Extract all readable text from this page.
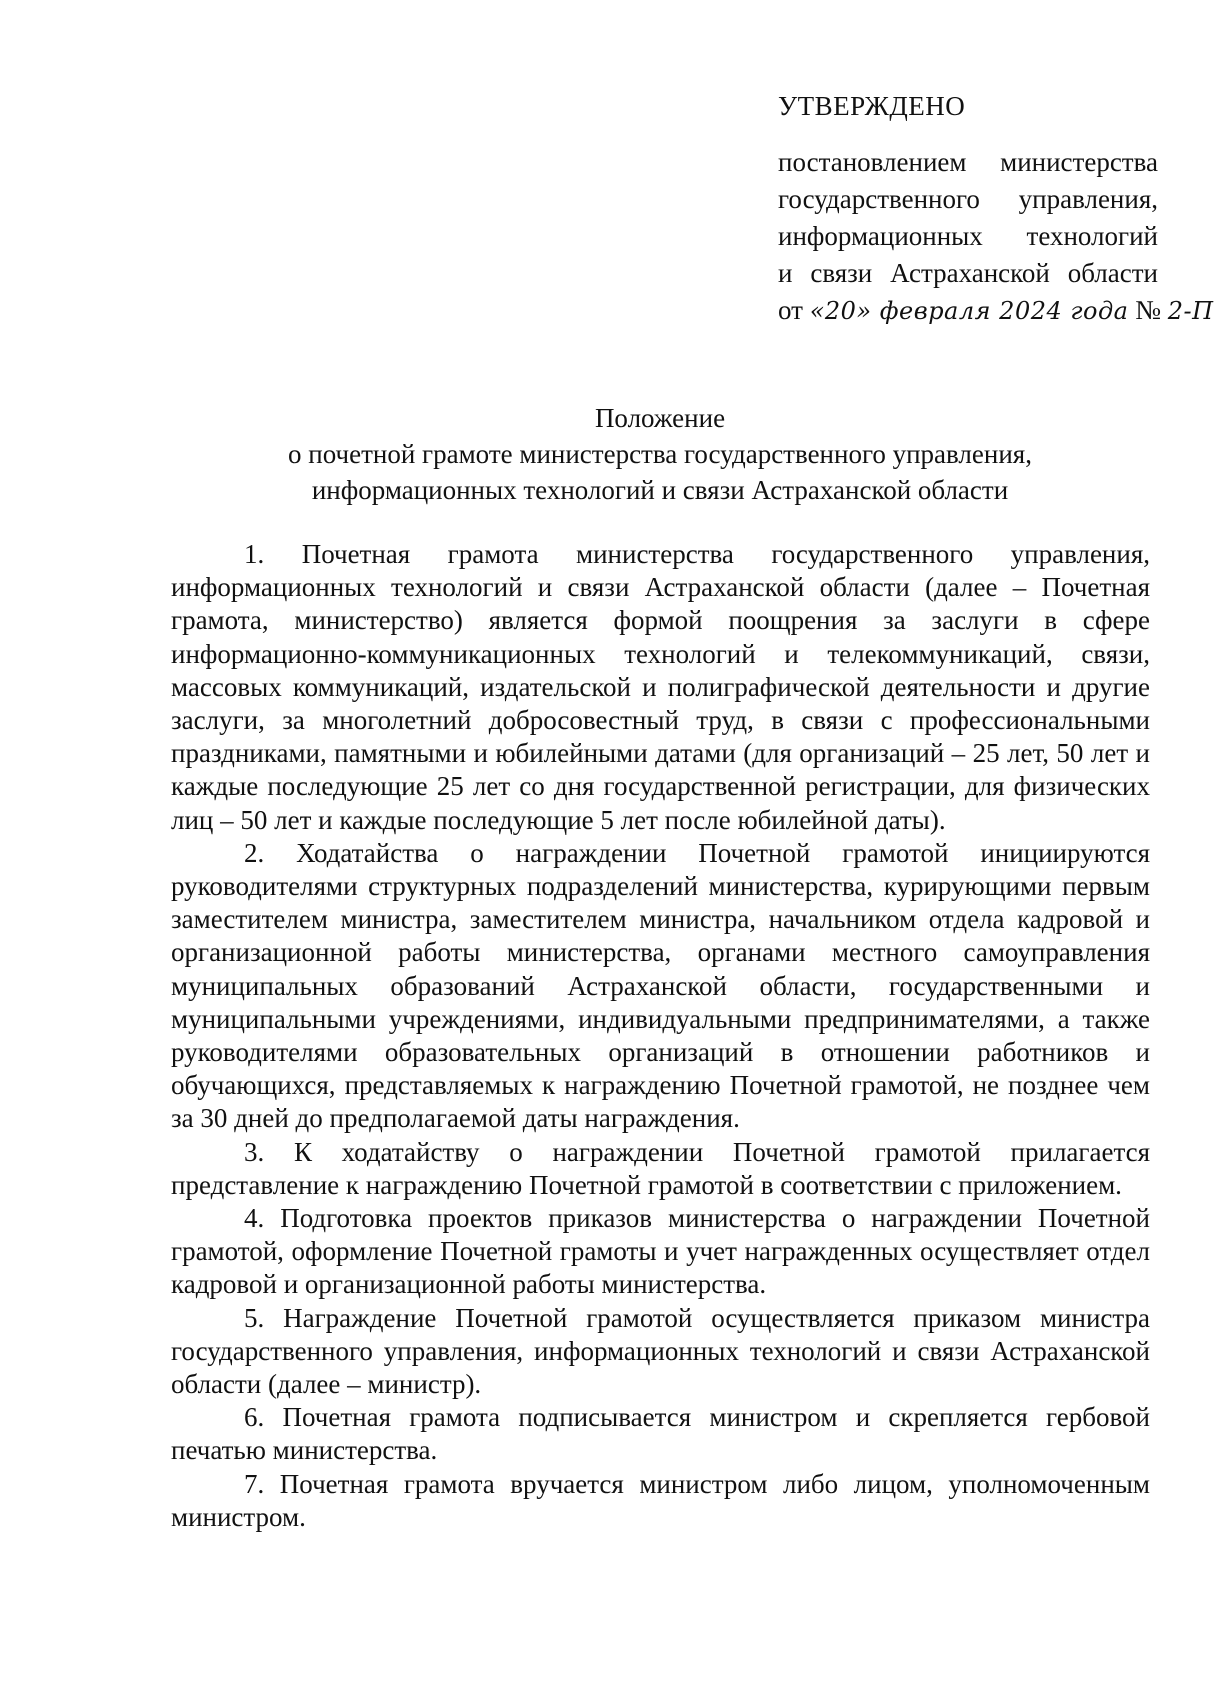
УТВЕРЖДЕНО
постановлением министерства
государственного управления,
информационных технологий
и связи Астраханской области
от «20» февраля 2024 года № 2-П
Положение
о почетной грамоте министерства государственного управления,
информационных технологий и связи Астраханской области

1. Почетная грамота министерства государственного управления, информационных технологий и связи Астраханской области (далее – Почетная грамота, министерство) является формой поощрения за заслуги в сфере информационно-коммуникационных технологий и телекоммуникаций, связи, массовых коммуникаций, издательской и полиграфической деятельности и другие заслуги, за многолетний добросовестный труд, в связи с профессиональными праздниками, памятными и юбилейными датами (для организаций – 25 лет, 50 лет и каждые последующие 25 лет со дня государственной регистрации, для физических лиц – 50 лет и каждые последующие 5 лет после юбилейной даты).

2. Ходатайства о награждении Почетной грамотой инициируются руководителями структурных подразделений министерства, курирующими первым заместителем министра, заместителем министра, начальником отдела кадровой и организационной работы министерства, органами местного самоуправления муниципальных образований Астраханской области, государственными и муниципальными учреждениями, индивидуальными предпринимателями, а также руководителями образовательных организаций в отношении работников и обучающихся, представляемых к награждению Почетной грамотой, не позднее чем за 30 дней до предполагаемой даты награждения.

3. К ходатайству о награждении Почетной грамотой прилагается представление к награждению Почетной грамотой в соответствии с приложением.

4. Подготовка проектов приказов министерства о награждении Почетной грамотой, оформление Почетной грамоты и учет награжденных осуществляет отдел кадровой и организационной работы министерства.

5. Награждение Почетной грамотой осуществляется приказом министра государственного управления, информационных технологий и связи Астраханской области (далее – министр).

6. Почетная грамота подписывается министром и скрепляется гербовой печатью министерства.

7. Почетная грамота вручается министром либо лицом, уполномоченным министром.
